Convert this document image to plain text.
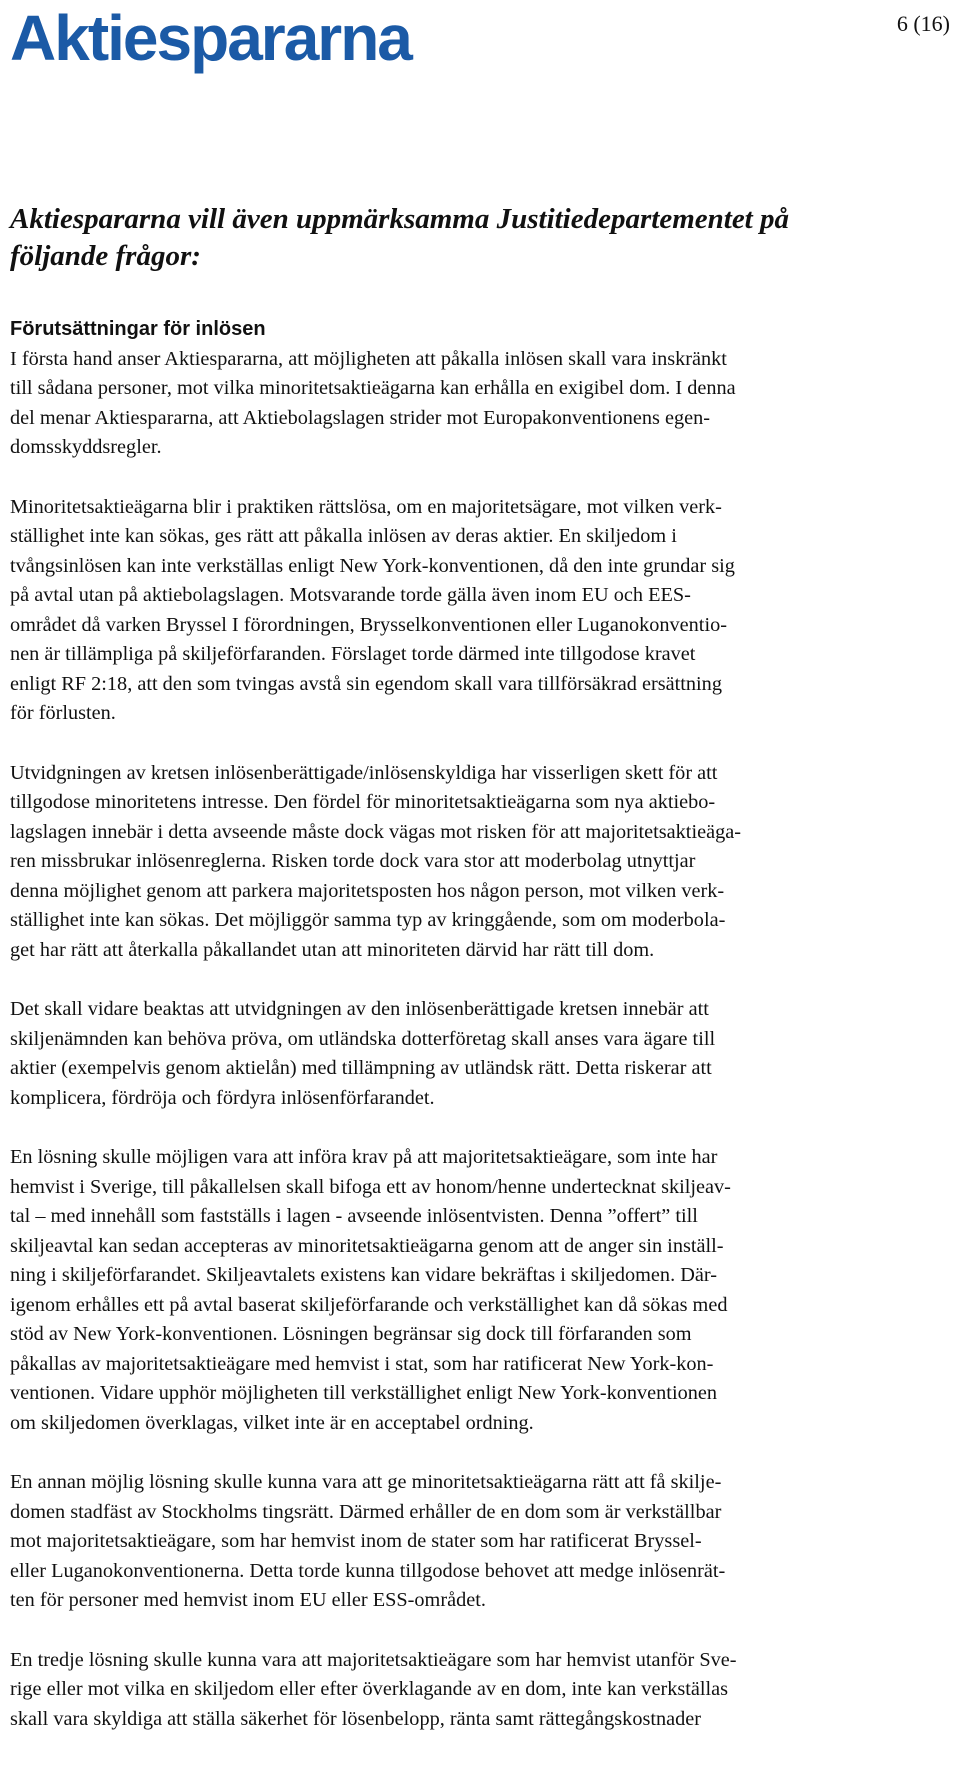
Aktiespararna	6 (16)
Aktiespararna vill även uppmärksamma Justitiedepartementet på
följande frågor:
Förutsättningar för inlösen

I första hand anser Aktiespararna, att möjligheten att påkalla inlösen skall vara inskränkt
till sådana personer, mot vilka minoritetsaktieägarna kan erhålla en exigibel dom. I denna
del menar Aktiespararna, att Aktiebolagslagen strider mot Europakonventionens egen-
domsskyddsregler.

Minoritetsaktieägarna blir i praktiken rättslösa, om en majoritetsägare, mot vilken verk-
ställighet inte kan sökas, ges rätt att påkalla inlösen av deras aktier. En skiljedom i
tvångsinlösen kan inte verkställas enligt New York-konventionen, då den inte grundar sig
på avtal utan på aktiebolagslagen. Motsvarande torde gälla även inom EU och EES-
området då varken Bryssel I förordningen, Brysselkonventionen eller Luganokonventio-
nen är tillämpliga på skiljeförfaranden. Förslaget torde därmed inte tillgodose kravet
enligt RF 2:18, att den som tvingas avstå sin egendom skall vara tillförsäkrad ersättning
för förlusten.

Utvidgningen av kretsen inlösenberättigade/inlösenskyldiga har visserligen skett för att
tillgodose minoritetens intresse. Den fördel för minoritetsaktieägarna som nya aktiebo-
lagslagen innebär i detta avseende måste dock vägas mot risken för att majoritetsaktieäga-
ren missbrukar inlösenreglerna. Risken torde dock vara stor att moderbolag utnyttjar
denna möjlighet genom att parkera majoritetsposten hos någon person, mot vilken verk-
ställighet inte kan sökas. Det möjliggör samma typ av kringgående, som om moderbola-
get har rätt att återkalla påkallandet utan att minoriteten därvid har rätt till dom.

Det skall vidare beaktas att utvidgningen av den inlösenberättigade kretsen innebär att
skiljenämnden kan behöva pröva, om utländska dotterföretag skall anses vara ägare till
aktier (exempelvis genom aktielån) med tillämpning av utländsk rätt. Detta riskerar att
komplicera, fördröja och fördyra inlösenförfarandet.

En lösning skulle möjligen vara att införa krav på att majoritetsaktieägare, som inte har
hemvist i Sverige, till påkallelsen skall bifoga ett av honom/henne undertecknat skiljeav-
tal – med innehåll som fastställs i lagen - avseende inlösentvisten. Denna ”offert” till
skiljeavtal kan sedan accepteras av minoritetsaktieägarna genom att de anger sin inställ-
ning i skiljeförfarandet. Skiljeavtalets existens kan vidare bekräftas i skiljedomen. Där-
igenom erhålles ett på avtal baserat skiljeförfarande och verkställighet kan då sökas med
stöd av New York-konventionen. Lösningen begränsar sig dock till förfaranden som
påkallas av majoritetsaktieägare med hemvist i stat, som har ratificerat New York-kon-
ventionen. Vidare upphör möjligheten till verkställighet enligt New York-konventionen
om skiljedomen överklagas, vilket inte är en acceptabel ordning.

En annan möjlig lösning skulle kunna vara att ge minoritetsaktieägarna rätt att få skilje-
domen stadfäst av Stockholms tingsrätt. Därmed erhåller de en dom som är verkställbar
mot majoritetsaktieägare, som har hemvist inom de stater som har ratificerat Bryssel-
eller Luganokonventionerna. Detta torde kunna tillgodose behovet att medge inlösenrät-
ten för personer med hemvist inom EU eller ESS-området.

En tredje lösning skulle kunna vara att majoritetsaktieägare som har hemvist utanför Sve-
rige eller mot vilka en skiljedom eller efter överklagande av en dom, inte kan verkställas
skall vara skyldiga att ställa säkerhet för lösenbelopp, ränta samt rättegångskostnader
